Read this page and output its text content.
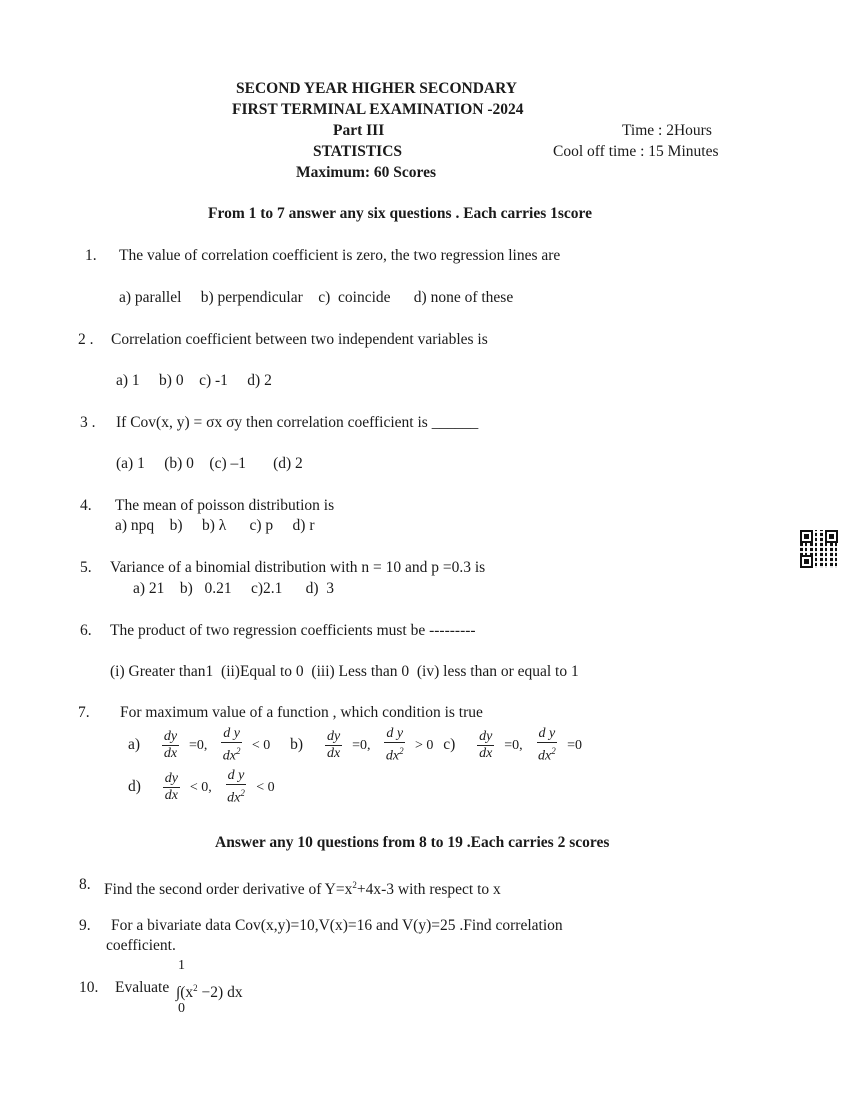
SECOND YEAR HIGHER SECONDARY
FIRST TERMINAL EXAMINATION -2024
Part III
STATISTICS
Maximum: 60 Scores
Time : 2Hours
Cool off time : 15 Minutes
From 1 to 7 answer any six questions . Each carries 1score
1. The value of correlation coefficient is zero, the two regression lines are
a) parallel     b) perpendicular    c)  coincide      d) none of these
2 . Correlation coefficient between two independent variables is
a) 1     b) 0    c) -1     d) 2
3 . If Cov(x, y) = σx σy then correlation coefficient is ______
(a) 1     (b) 0    (c) –1       (d) 2
4. The mean of poisson distribution is
a) npq    b)     b) λ      c) p     d) r
5. Variance of a binomial distribution with n = 10 and p =0.3 is
a) 21    b)   0.21     c)2.1      d)  3
6. The product of two regression coefficients must be ---------
(i) Greater than1  (ii)Equal to 0  (iii) Less than 0  (iv) less than or equal to 1
7. For maximum value of a function , which condition is true
$a) \frac{dy}{dx} =0$, $\frac{\text{d y}}{dx^2} < 0$ $b) \frac{dy}{dx} =0$, $\frac{\text{d y}}{dx^2} > 0$ $c) \frac{dy}{dx} =0$, $\frac{\text{d y}}{dx^2} =0$
$d) \frac{dy}{dx} < 0$, $\frac{\text{d y}}{dx^2} < 0$
Answer any 10 questions from 8 to 19 .Each carries 2 scores
8. Find the second order derivative of $Y=x^2+4x-3$ with respect to x
9. For a bivariate data Cov(x,y)=10,V(x)=16 and V(y)=25 .Find correlation
coefficient.
10. Evaluate
1
0
$\int(x^2 -2)$ dx
